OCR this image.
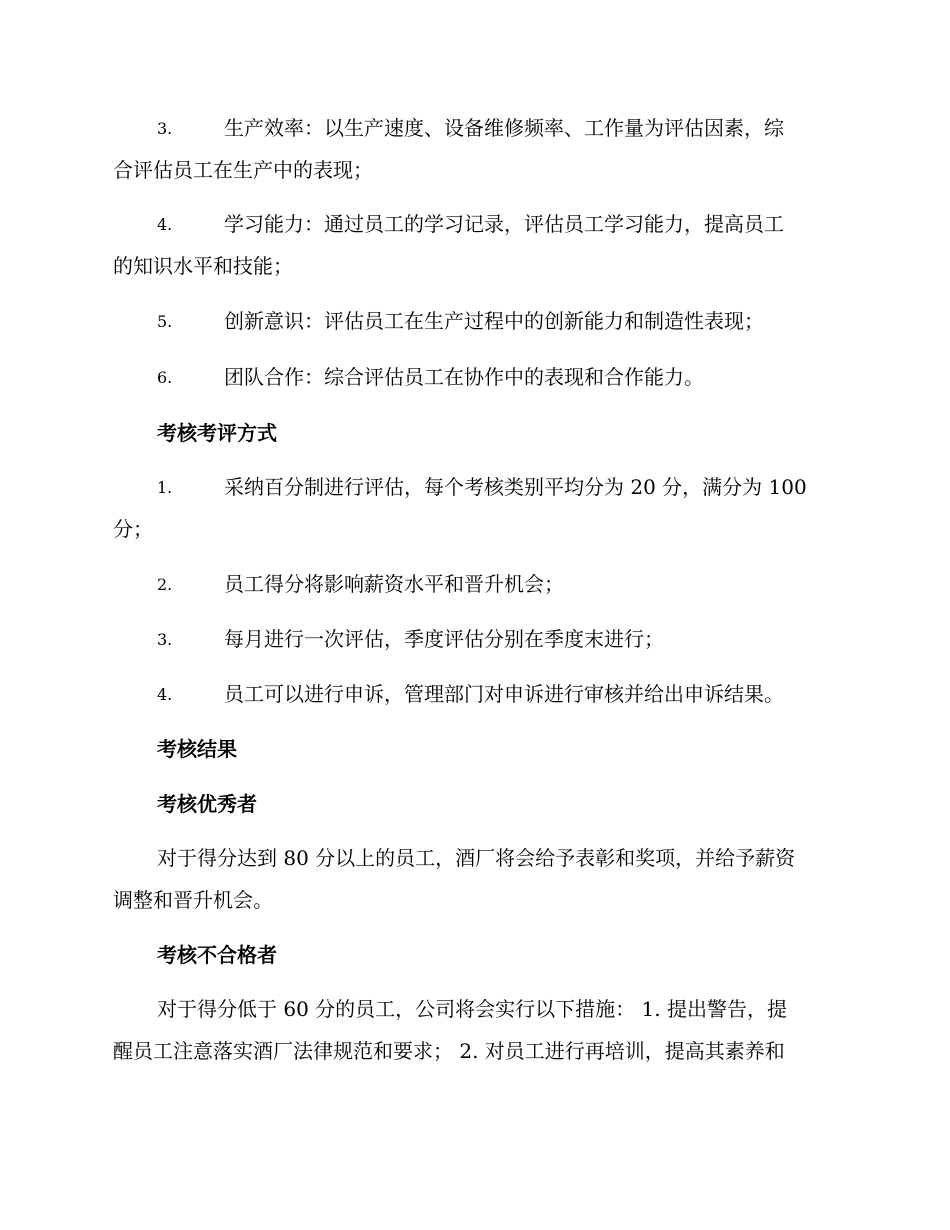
3.	生产效率：以生产速度、设备维修频率、工作量为评估因素，综
合评估员工在生产中的表现；
4.	学习能力：通过员工的学习记录，评估员工学习能力，提高员工
的知识水平和技能；
5.	创新意识：评估员工在生产过程中的创新能力和制造性表现；
6.	团队合作：综合评估员工在协作中的表现和合作能力。
考核考评方式
1.	采纳百分制进行评估，每个考核类别平均分为 20 分，满分为 100
分；
2.	员工得分将影响薪资水平和晋升机会；
3.	每月进行一次评估，季度评估分别在季度末进行；
4.	员工可以进行申诉，管理部门对申诉进行审核并给出申诉结果。
考核结果
考核优秀者
对于得分达到 80 分以上的员工，酒厂将会给予表彰和奖项，并给予薪资
调整和晋升机会。
考核不合格者
对于得分低于 60 分的员工，公司将会实行以下措施： 1. 提出警告，提
醒员工注意落实酒厂法律规范和要求； 2. 对员工进行再培训，提高其素养和
